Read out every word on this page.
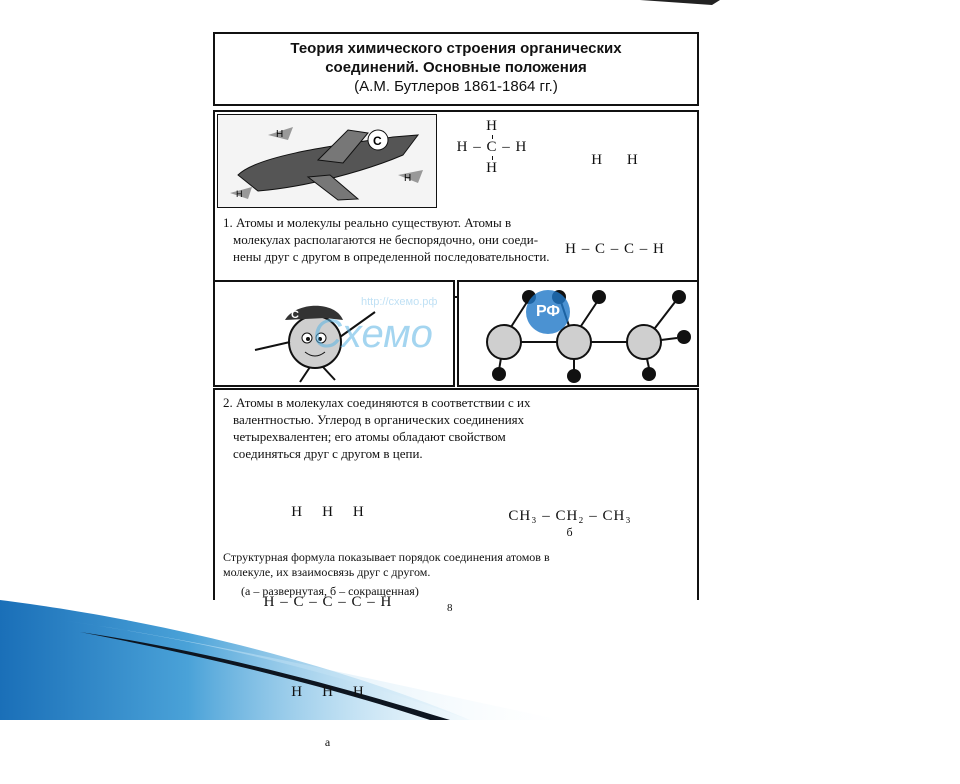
Теория химического строения органических
соединений. Основные положения
(А.М. Бутлеров 1861-1864 гг.)
C
H
H
H
H
H – C – H
H

	H     H

H – C – C – H

1. Атомы и молекулы реально существуют. Атомы в
молекулах располагаются не беспорядочно, они соеди-
нены друг с другом в определенной последовательности.
C
http://схемо.рф
Схемо
РФ
2. Атомы в молекулах соединяются в соответствии с их
валентностью. Углерод в органических соединениях
четырехвалентен; его атомы обладают свойством
соединяться друг с другом в цепи.

H    H    H

H – C – C – C – H

H    H    H

а

CH₃ – CH₂ – CH₃
б
Структурная формула показывает порядок соединения атомов в
молекуле, их взаимосвязь друг с другом.
(а – развернутая, б – сокращенная)
8
